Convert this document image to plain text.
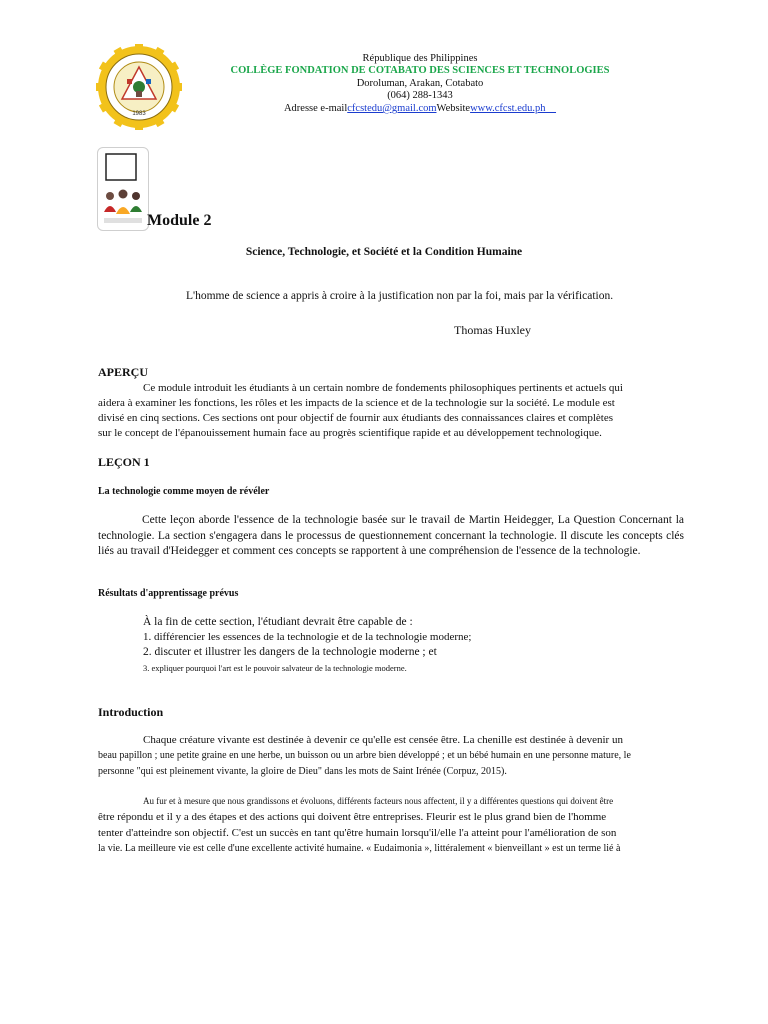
1983
République des Philippines
COLLÈGE FONDATION DE COTABATO DES SCIENCES ET TECHNOLOGIES
Doroluman, Arakan, Cotabato
(064) 288-1343
Adresse e-mailcfcstedu@gmail.comWebsitewww.cfcst.edu.ph
Module 2
Science, Technologie, et Société et la Condition Humaine
L'homme de science a appris à croire à la justification non par la foi, mais par la vérification.
Thomas Huxley
APERÇU
Ce module introduit les étudiants à un certain nombre de fondements philosophiques pertinents et actuels qui
aidera à examiner les fonctions, les rôles et les impacts de la science et de la technologie sur la société. Le module est
divisé en cinq sections. Ces sections ont pour objectif de fournir aux étudiants des connaissances claires et complètes
sur le concept de l'épanouissement humain face au progrès scientifique rapide et au développement technologique.
LEÇON 1
La technologie comme moyen de révéler
Cette leçon aborde l'essence de la technologie basée sur le travail de Martin Heidegger, La Question Concernant la technologie. La section s'engagera dans le processus de questionnement concernant la technologie. Il discute les concepts clés liés au travail d'Heidegger et comment ces concepts se rapportent à une compréhension de l'essence de la technologie.
Résultats d'apprentissage prévus
À la fin de cette section, l'étudiant devrait être capable de :
1. différencier les essences de la technologie et de la technologie moderne;
2. discuter et illustrer les dangers de la technologie moderne ; et
3. expliquer pourquoi l'art est le pouvoir salvateur de la technologie moderne.
Introduction
Chaque créature vivante est destinée à devenir ce qu'elle est censée être. La chenille est destinée à devenir un
beau papillon ; une petite graine en une herbe, un buisson ou un arbre bien développé ; et un bébé humain en une personne mature, le
personne "qui est pleinement vivante, la gloire de Dieu" dans les mots de Saint Irénée (Corpuz, 2015).
Au fur et à mesure que nous grandissons et évoluons, différents facteurs nous affectent, il y a différentes questions qui doivent être
être répondu et il y a des étapes et des actions qui doivent être entreprises. Fleurir est le plus grand bien de l'homme
tenter d'atteindre son objectif. C'est un succès en tant qu'être humain lorsqu'il/elle l'a atteint pour l'amélioration de son
la vie. La meilleure vie est celle d'une excellente activité humaine. « Eudaimonia », littéralement « bienveillant » est un terme lié à
